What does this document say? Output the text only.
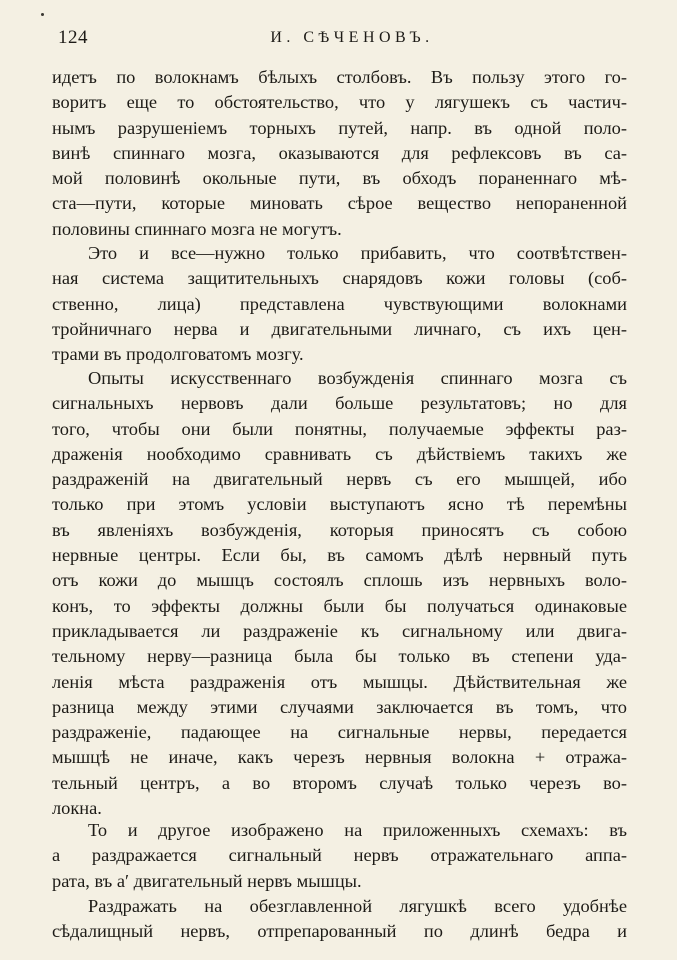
124	И. СѢЧЕНОВЪ.
идетъ по волокнамъ бѣлыхъ столбовъ. Въ пользу этого го-
воритъ еще то обстоятельство, что у лягушекъ съ частич-
нымъ разрушеніемъ торныхъ путей, напр. въ одной поло-
винѣ спиннаго мозга, оказываются для рефлексовъ въ са-
мой половинѣ окольные пути, въ обходъ пораненнаго мѣ-
ста—пути, которые миновать сѣрое вещество непораненной
половины спиннаго мозга не могутъ.
Это и все—нужно только прибавить, что соотвѣтствен-
ная система защитительныхъ снарядовъ кожи головы (соб-
ственно, лица) представлена чувствующими волокнами
тройничнаго нерва и двигательными личнаго, съ ихъ цен-
трами въ продолговатомъ мозгу.
Опыты искусственнаго возбужденія спиннаго мозга съ
сигнальныхъ нервовъ дали больше результатовъ; но для
того, чтобы они были понятны, получаемые эффекты раз-
драженія нообходимо сравнивать съ дѣйствіемъ такихъ же
раздраженій на двигательный нервъ съ его мышцей, ибо
только при этомъ условіи выступаютъ ясно тѣ перемѣны
въ явленіяхъ возбужденія, которыя приносятъ съ собою
нервные центры. Если бы, въ самомъ дѣлѣ нервный путь
отъ кожи до мышцъ состоялъ сплошь изъ нервныхъ воло-
конъ, то эффекты должны были бы получаться одинаковые
прикладывается ли раздраженіе къ сигнальному или двига-
тельному нерву—разница была бы только въ степени уда-
ленія мѣста раздраженія отъ мышцы. Дѣйствительная же
разница между этими случаями заключается въ томъ, что
раздраженіе, падающее на сигнальные нервы, передается
мышцѣ не иначе, какъ черезъ нервныя волокна + отража-
тельный центръ, а во второмъ случаѣ только черезъ во-
локна.
То и другое изображено на приложенныхъ схемахъ: въ
а раздражается сигнальный нервъ отражательнаго аппа-
рата, въ а′ двигательный нервъ мышцы.
Раздражать на обезглавленной лягушкѣ всего удобнѣе
сѣдалищный нервъ, отпрепарованный по длинѣ бедра и
